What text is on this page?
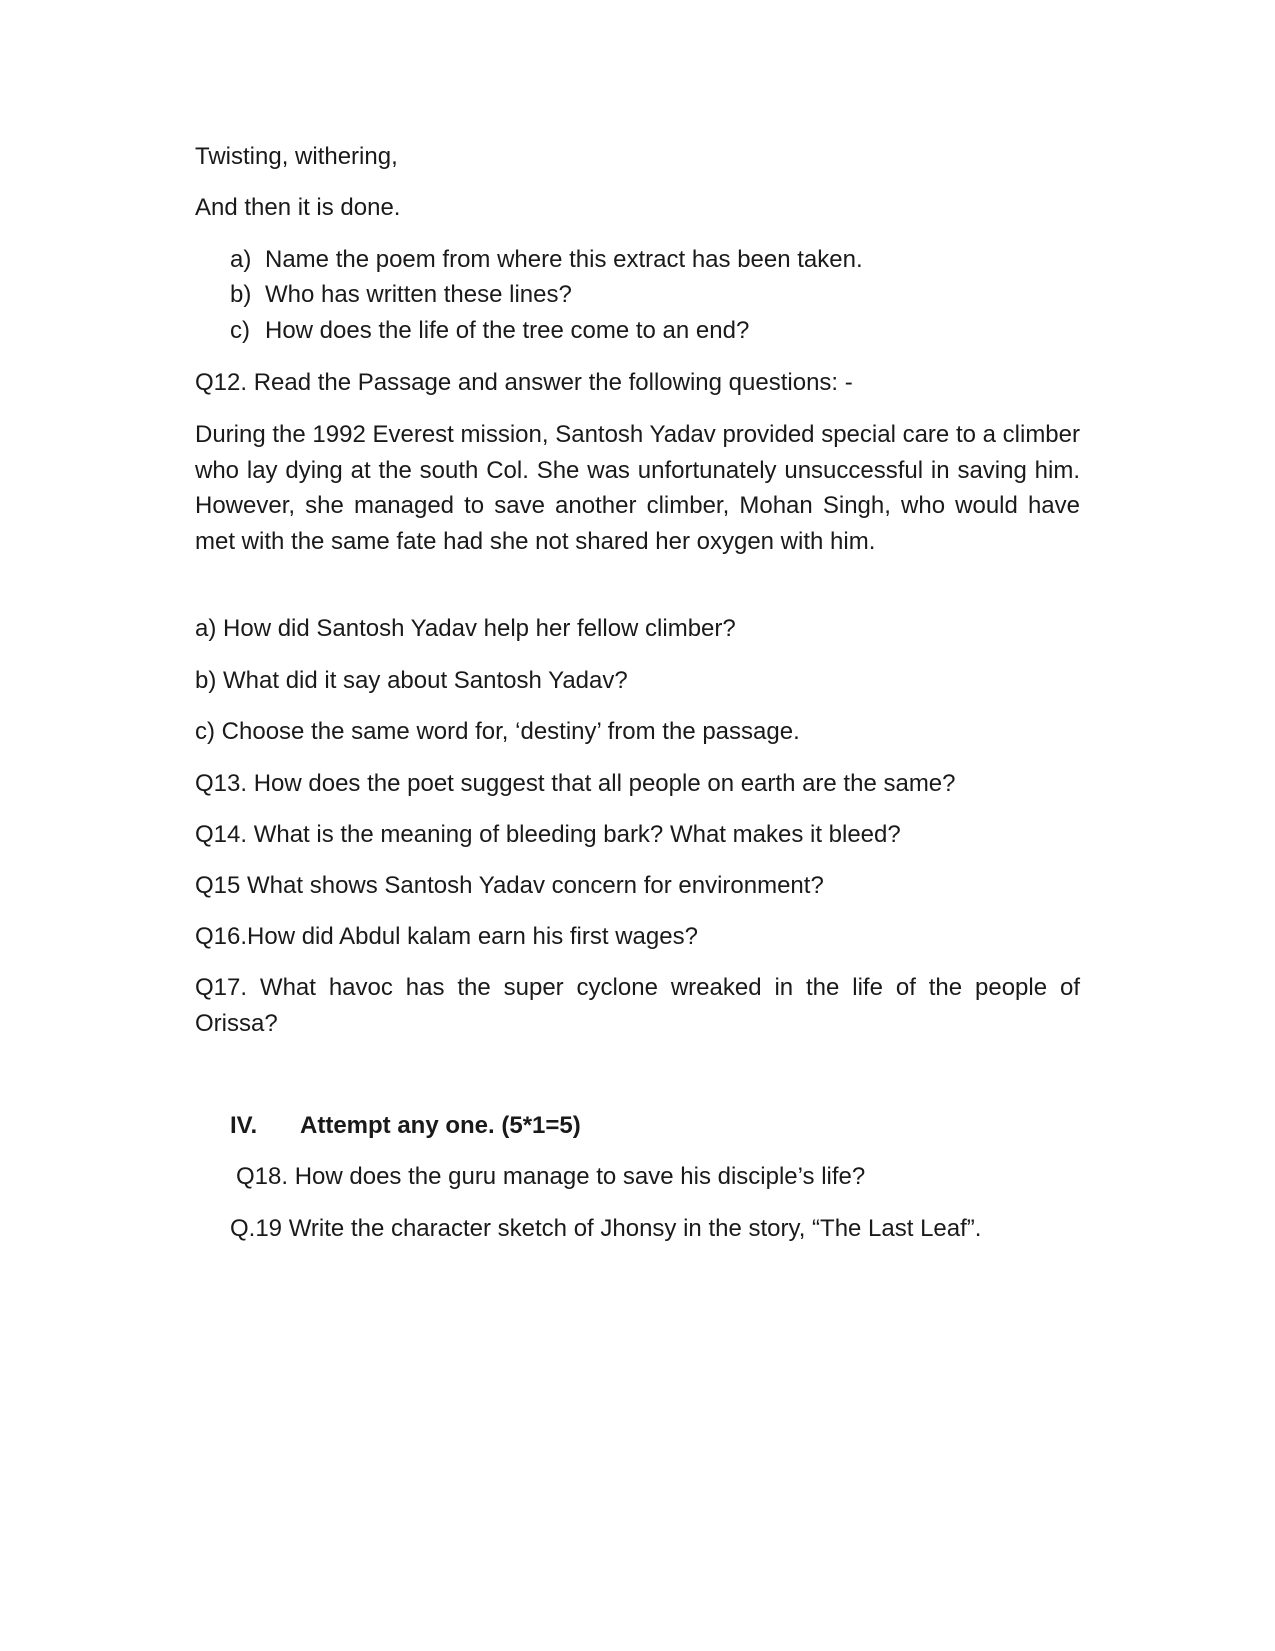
Twisting, withering,
And then it is done.
a) Name the poem from where this extract has been taken.
b) Who has written these lines?
c) How does the life of the tree come to an end?
Q12. Read the Passage and answer the following questions: -
During the 1992 Everest mission, Santosh Yadav provided special care to a climber who lay dying at the south Col. She was unfortunately unsuccessful in saving him. However, she managed to save another climber, Mohan Singh, who would have met with the same fate had she not shared her oxygen with him.
a) How did Santosh Yadav help her fellow climber?
b) What did it say about Santosh Yadav?
c) Choose the same word for, ‘destiny’ from the passage.
Q13. How does the poet suggest that all people on earth are the same?
Q14. What is the meaning of bleeding bark? What makes it bleed?
Q15 What shows Santosh Yadav concern for environment?
Q16.How did Abdul kalam earn his first wages?
Q17. What havoc has the super cyclone wreaked in the life of the people of Orissa?
IV. Attempt any one. (5*1=5)
Q18. How does the guru manage to save his disciple’s life?
Q.19 Write the character sketch of Jhonsy in the story, “The Last Leaf”.
